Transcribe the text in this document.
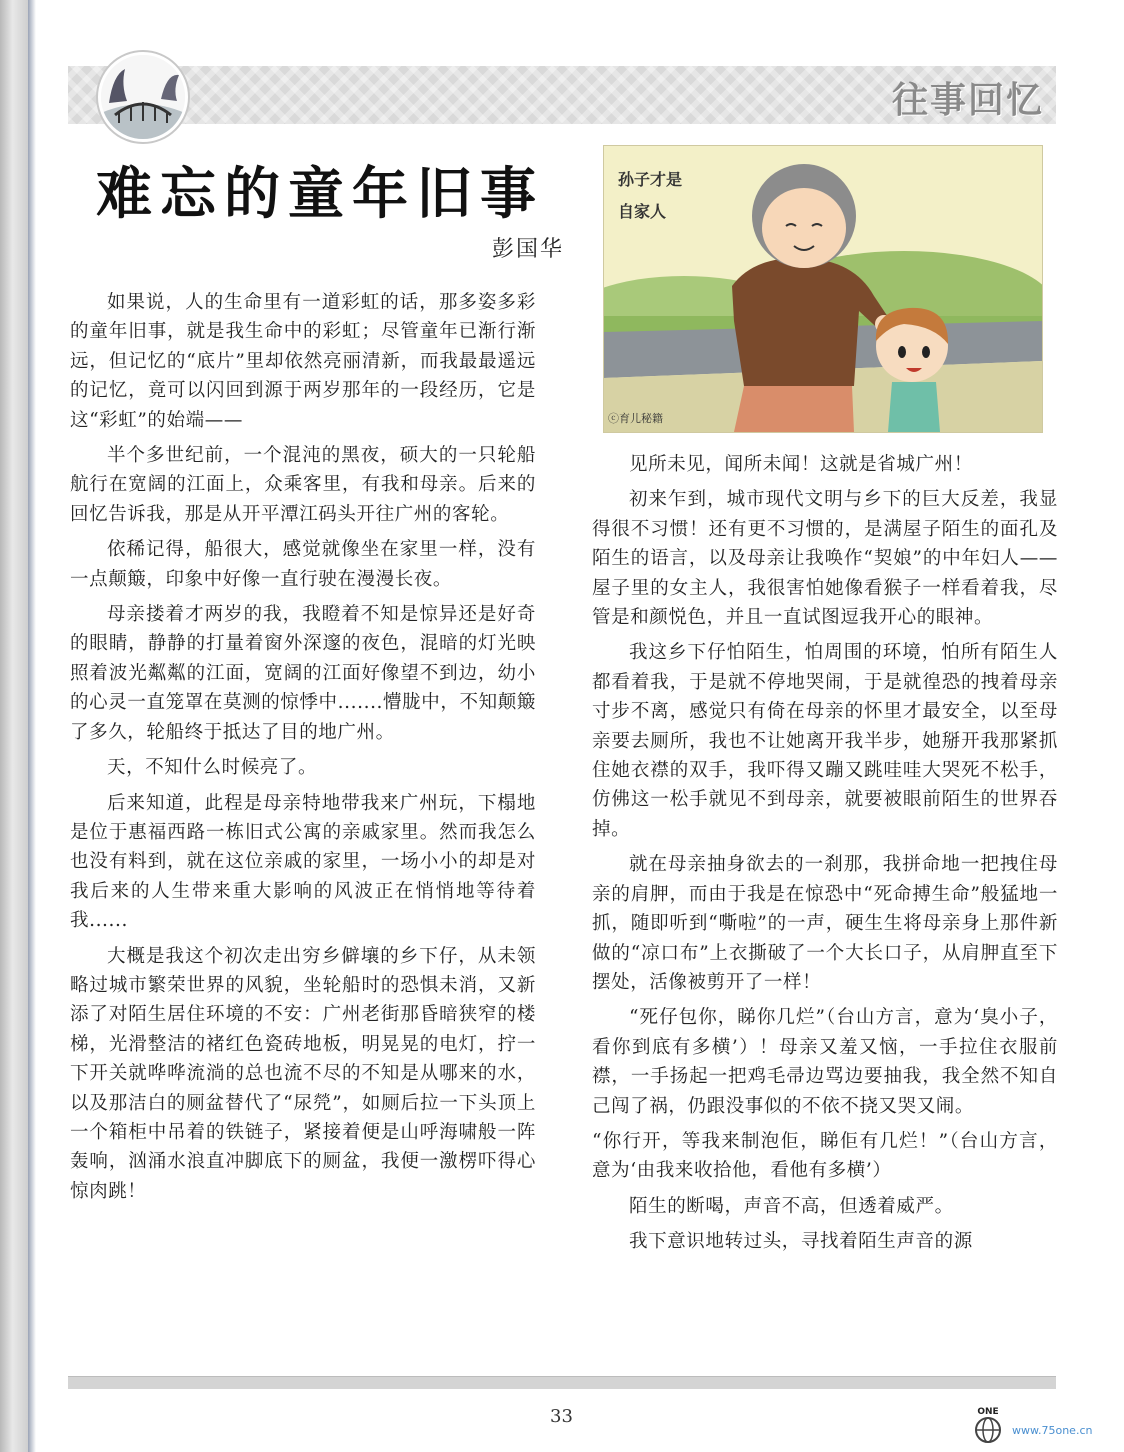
往事回忆
难忘的童年旧事
彭国华

如果说，人的生命里有一道彩虹的话，那多姿多彩的童年旧事，就是我生命中的彩虹；尽管童年已渐行渐远，但记忆的“底片”里却依然亮丽清新，而我最最遥远的记忆，竟可以闪回到源于两岁那年的一段经历，它是这“彩虹”的始端——

半个多世纪前，一个混沌的黑夜，硕大的一只轮船航行在宽阔的江面上，众乘客里，有我和母亲。后来的回忆告诉我，那是从开平潭江码头开往广州的客轮。

依稀记得，船很大，感觉就像坐在家里一样，没有一点颠簸，印象中好像一直行驶在漫漫长夜。

母亲搂着才两岁的我，我瞪着不知是惊异还是好奇的眼睛，静静的打量着窗外深邃的夜色，混暗的灯光映照着波光粼粼的江面，宽阔的江面好像望不到边，幼小的心灵一直笼罩在莫测的惊悸中.......懵胧中，不知颠簸了多久，轮船终于抵达了目的地广州。

天，不知什么时候亮了。

后来知道，此程是母亲特地带我来广州玩，下榻地是位于惠福西路一栋旧式公寓的亲戚家里。然而我怎么也没有料到，就在这位亲戚的家里，一场小小的却是对我后来的人生带来重大影响的风波正在悄悄地等待着我......

大概是我这个初次走出穷乡僻壤的乡下仔，从未领略过城市繁荣世界的风貌，坐轮船时的恐惧未消，又新添了对陌生居住环境的不安：广州老街那昏暗狭窄的楼梯，光滑整洁的褚红色瓷砖地板，明晃晃的电灯，拧一下开关就哗哗流淌的总也流不尽的不知是从哪来的水，以及那洁白的厕盆替代了“尿焭”，如厕后拉一下头顶上一个箱柜中吊着的铁链子，紧接着便是山呼海啸般一阵轰响，汹涌水浪直冲脚底下的厕盆，我便一激楞吓得心惊肉跳！

孙子才是
自家人
ⓒ育儿秘籍

见所未见，闻所未闻！这就是省城广州！

初来乍到，城市现代文明与乡下的巨大反差，我显得很不习惯！还有更不习惯的，是满屋子陌生的面孔及陌生的语言，以及母亲让我唤作“契娘”的中年妇人——屋子里的女主人，我很害怕她像看猴子一样看着我，尽管是和颜悦色，并且一直试图逗我开心的眼神。

我这乡下仔怕陌生，怕周围的环境，怕所有陌生人都看着我，于是就不停地哭闹，于是就徨恐的拽着母亲寸步不离，感觉只有倚在母亲的怀里才最安全，以至母亲要去厕所，我也不让她离开我半步，她掰开我那紧抓住她衣襟的双手，我吓得又蹦又跳哇哇大哭死不松手，仿佛这一松手就见不到母亲，就要被眼前陌生的世界吞掉。

就在母亲抽身欲去的一刹那，我拼命地一把拽住母亲的肩胛，而由于我是在惊恐中“死命搏生命”般猛地一抓，随即听到“嘶啦”的一声，硬生生将母亲身上那件新做的“凉口布”上衣撕破了一个大长口子，从肩胛直至下摆处，活像被剪开了一样！

“死仔包你，睇你几烂”（台山方言，意为‘臭小子，看你到底有多横’）！母亲又羞又恼，一手拉住衣服前襟，一手扬起一把鸡毛帚边骂边要抽我，我全然不知自己闯了祸，仍跟没事似的不依不挠又哭又闹。

“你行开，等我来制泡佢，睇佢有几烂！”（台山方言，意为‘由我来收拾他，看他有多横’）

陌生的断喝，声音不高，但透着威严。

我下意识地转过头，寻找着陌生声音的源

33	ONE
www.75one.cn
